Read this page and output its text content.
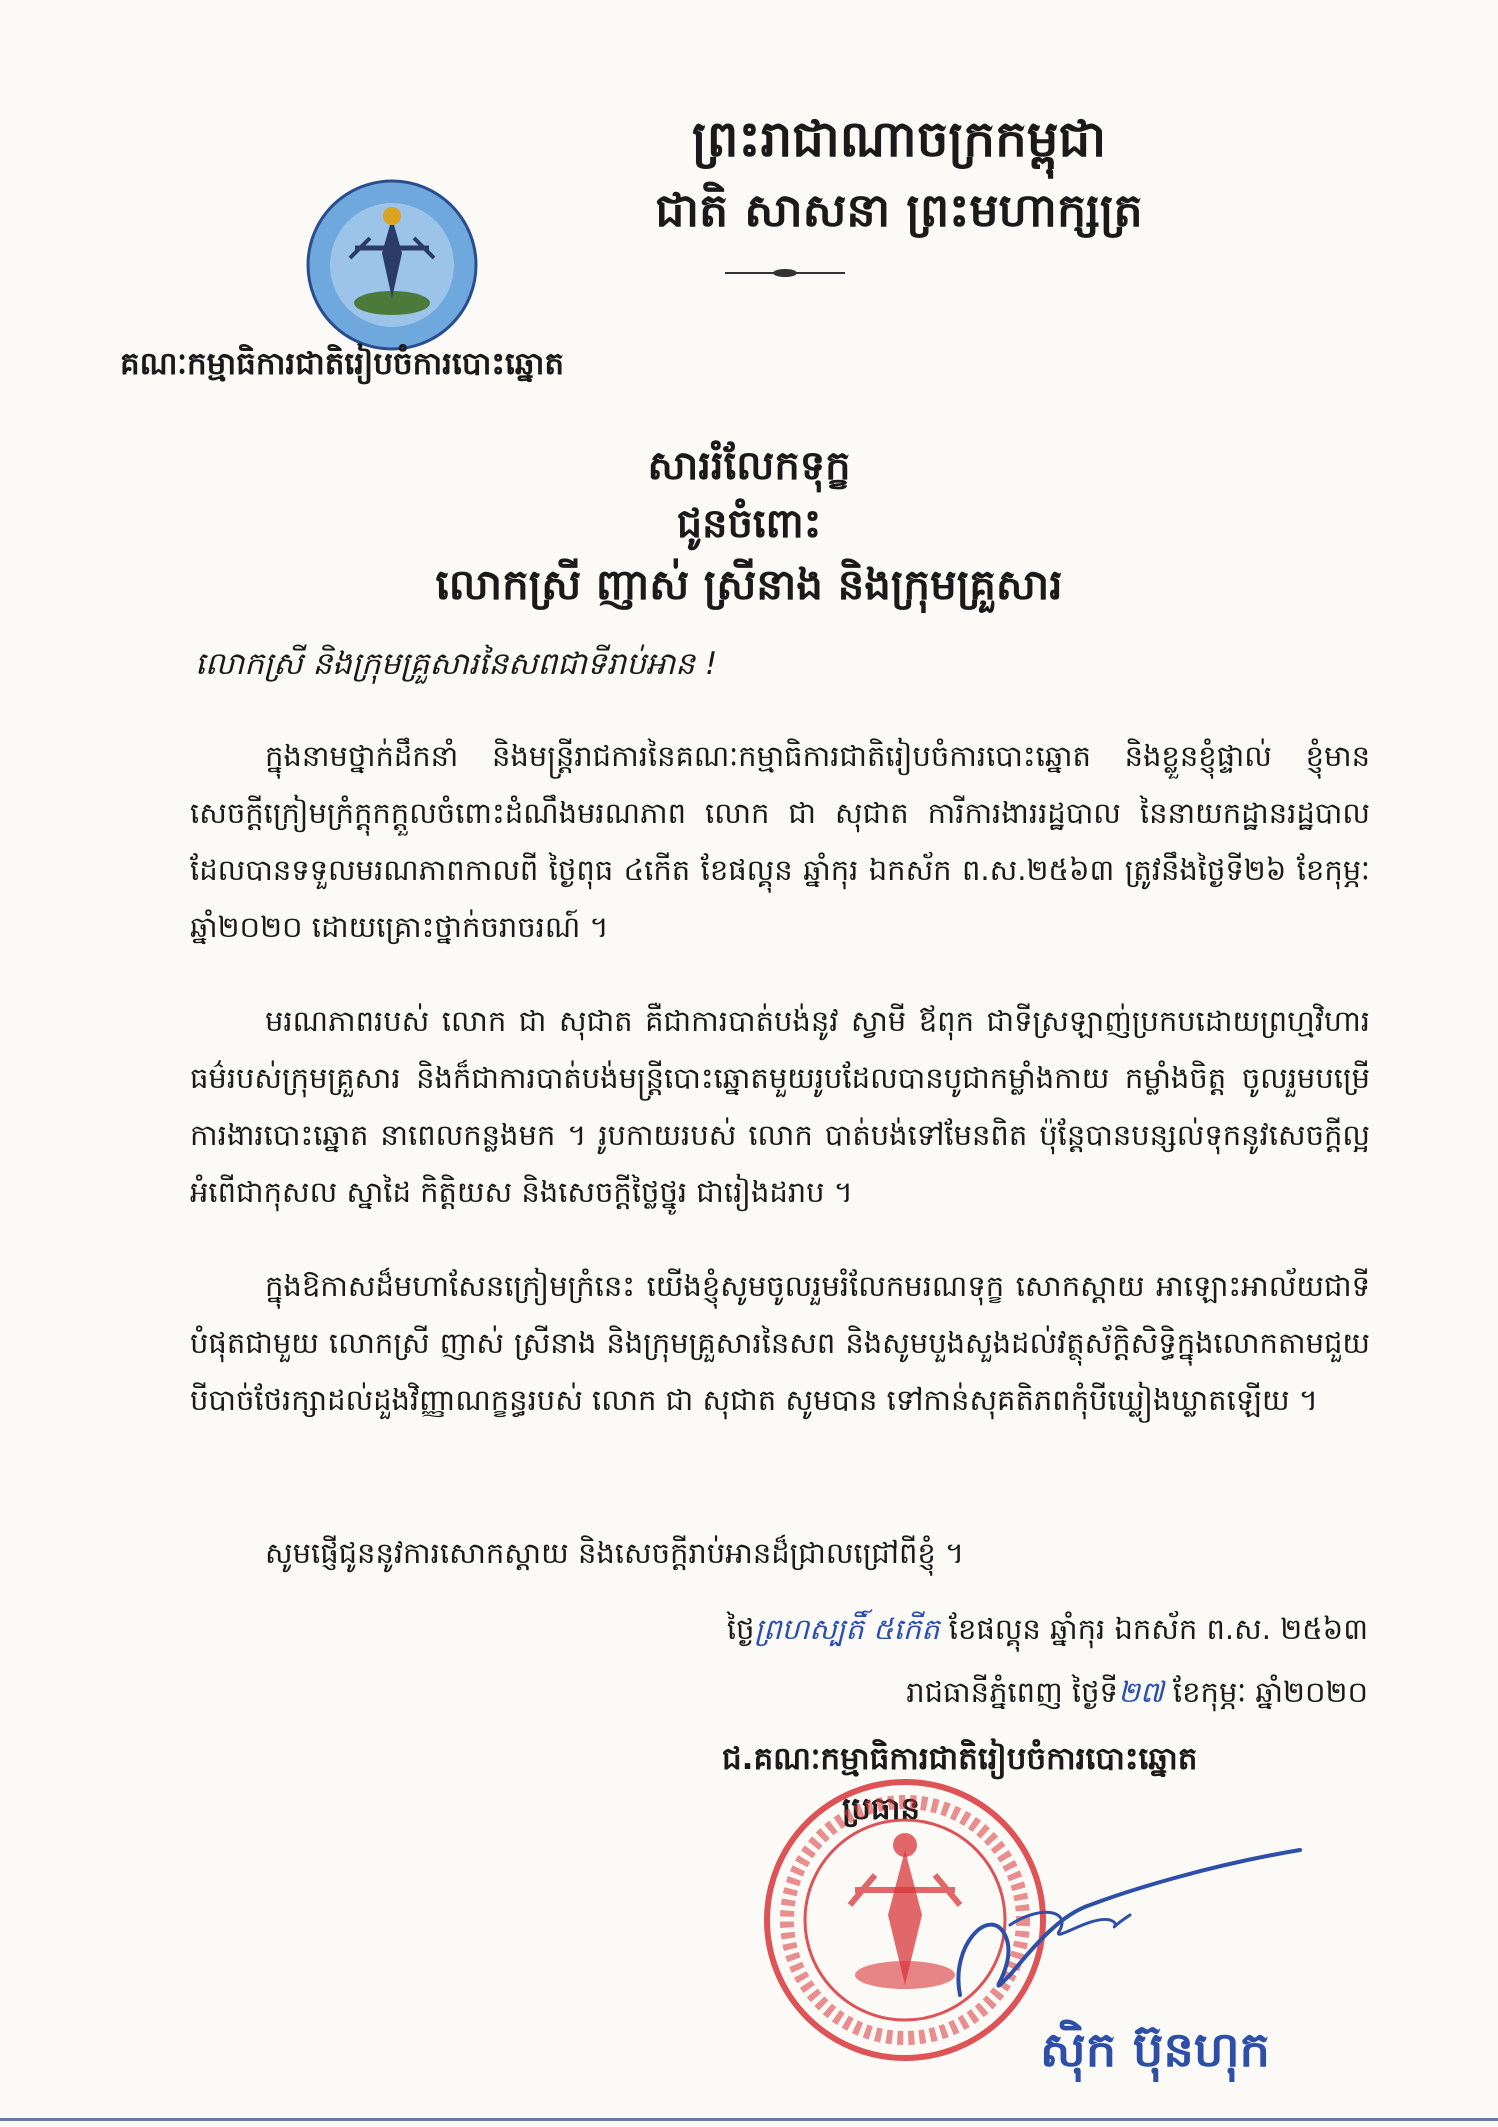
ព្រះរាជាណាចក្រកម្ពុជា
ជាតិ សាសនា ព្រះមហាក្សត្រ
គណៈកម្មាធិការជាតិរៀបចំការបោះឆ្នោត
សាររំលែកទុក្ខ
ជូនចំពោះ
លោកស្រី ញាស់ ស្រីនាង និងក្រុមគ្រួសារ
លោកស្រី និងក្រុមគ្រួសារនៃសពជាទីរាប់អាន !
ក្នុងនាមថ្នាក់ដឹកនាំ និងមន្ត្រីរាជការនៃគណៈកម្មាធិការជាតិរៀបចំការបោះឆ្នោត និងខ្លួនខ្ញុំផ្ទាល់ ខ្ញុំមានសេចក្តីក្រៀមក្រំក្តុកក្តួលចំពោះដំណឹងមរណភាព លោក ជា សុជាត ការីការងាររដ្ឋបាល នៃនាយកដ្ឋានរដ្ឋបាល ដែលបានទទួលមរណភាពកាលពី ថ្ងៃពុធ ៤កើត ខែផល្គុន ឆ្នាំកុរ ឯកស័ក ព.ស.២៥៦៣ ត្រូវនឹងថ្ងៃទី២៦ ខែកុម្ភៈ ឆ្នាំ២០២០ ដោយគ្រោះថ្នាក់ចរាចរណ៍ ។
មរណភាពរបស់ លោក ជា សុជាត គឺជាការបាត់បង់នូវ ស្វាមី ឪពុក ជាទីស្រឡាញ់ប្រកបដោយព្រហ្មវិហារធម៌របស់ក្រុមគ្រួសារ និងក៏ជាការបាត់បង់មន្ត្រីបោះឆ្នោតមួយរូបដែលបានបូជាកម្លាំងកាយ កម្លាំងចិត្ត ចូលរួមបម្រើការងារបោះឆ្នោត នាពេលកន្លងមក ។ រូបកាយរបស់ លោក បាត់បង់ទៅមែនពិត ប៉ុន្តែបានបន្សល់ទុកនូវសេចក្តីល្អ អំពើជាកុសល ស្នាដៃ កិត្តិយស និងសេចក្តីថ្លៃថ្នូរ ជារៀងដរាប ។
ក្នុងឱកាសដ៏មហាសែនក្រៀមក្រំនេះ យើងខ្ញុំសូមចូលរួមរំលែកមរណទុក្ខ សោកស្តាយ អាឡោះអាល័យជាទីបំផុតជាមួយ លោកស្រី ញាស់ ស្រីនាង និងក្រុមគ្រួសារនៃសព និងសូមបួងសួងដល់វត្ថុស័ក្តិសិទ្ធិក្នុងលោកតាមជួយបីបាច់ថែរក្សាដល់ដួងវិញ្ញាណក្ខន្ធរបស់ លោក ជា សុជាត សូមបាន ទៅកាន់សុគតិភពកុំបីឃ្លៀងឃ្លាតឡើយ ។
សូមផ្ញើជូននូវការសោកស្តាយ និងសេចក្តីរាប់អានដ៏ជ្រាលជ្រៅពីខ្ញុំ ។
ថ្ងៃព្រហស្បតិ៍ ៥កើត ខែផល្គុន ឆ្នាំកុរ ឯកស័ក ព.ស. ២៥៦៣
រាជធានីភ្នំពេញ ថ្ងៃទី២៧ ខែកុម្ភៈ ឆ្នាំ២០២០
ជ.គណៈកម្មាធិការជាតិរៀបចំការបោះឆ្នោត
ប្រធាន
ស៊ិក ប៊ុនហុក
